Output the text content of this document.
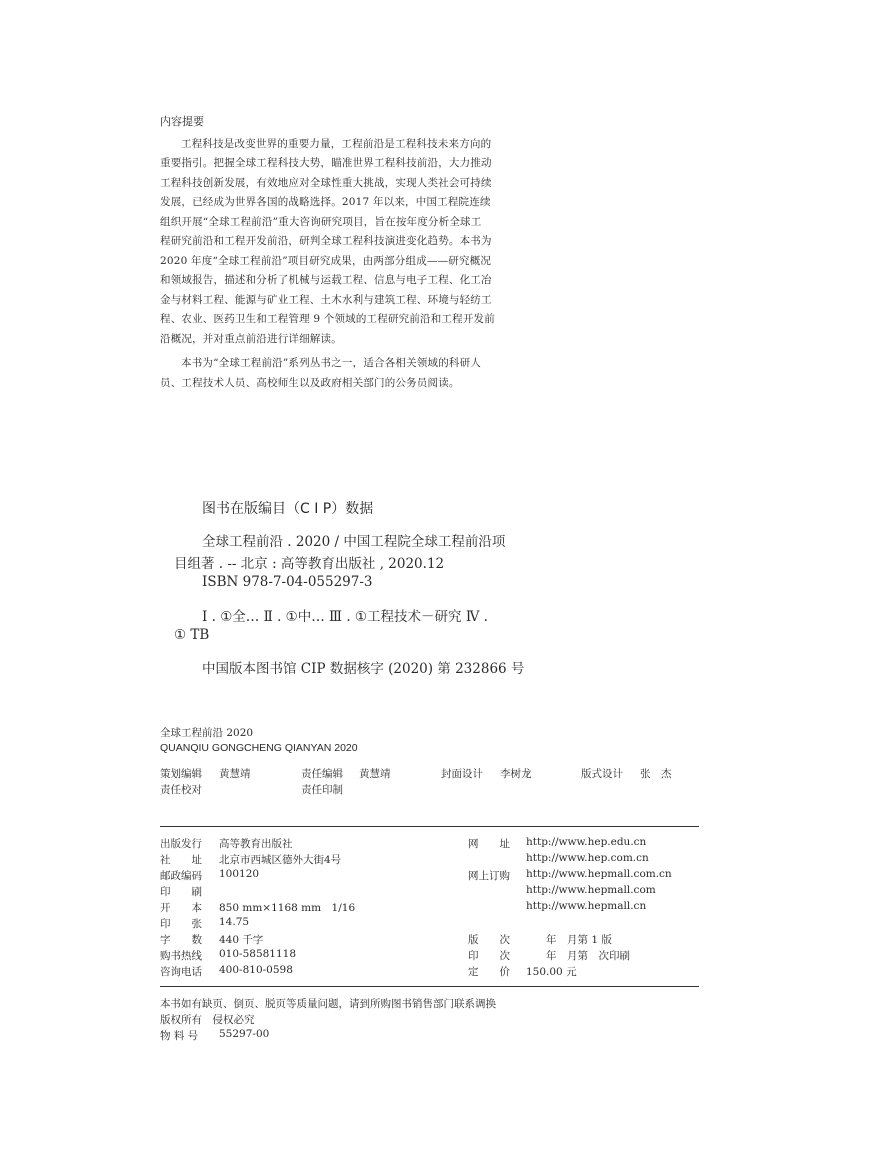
内容提要
工程科技是改变世界的重要力量，工程前沿是工程科技未来方向的
重要指引。把握全球工程科技大势，瞄准世界工程科技前沿，大力推动
工程科技创新发展，有效地应对全球性重大挑战，实现人类社会可持续
发展，已经成为世界各国的战略选择。2017 年以来，中国工程院连续
组织开展“全球工程前沿”重大咨询研究项目，旨在按年度分析全球工
程研究前沿和工程开发前沿，研判全球工程科技演进变化趋势。本书为
2020 年度“全球工程前沿”项目研究成果，由两部分组成——研究概况
和领域报告，描述和分析了机械与运载工程、信息与电子工程、化工冶
金与材料工程、能源与矿业工程、土木水利与建筑工程、环境与轻纺工
程、农业、医药卫生和工程管理 9 个领域的工程研究前沿和工程开发前
沿概况，并对重点前沿进行详细解读。
本书为“全球工程前沿”系列丛书之一，适合各相关领域的科研人
员、工程技术人员、高校师生以及政府相关部门的公务员阅读。
图书在版编目（C I P）数据
全球工程前沿 . 2020 / 中国工程院全球工程前沿项
目组著 . -- 北京 : 高等教育出版社 , 2020.12
ISBN 978-7-04-055297-3
Ⅰ . ①全… Ⅱ . ①中… Ⅲ . ①工程技术－研究 Ⅳ .
① TB
中国版本图书馆 CIP 数据核字 (2020) 第 232866 号
全球工程前沿 2020
QUANQIU GONGCHENG QIANYAN 2020
策划编辑 黄慧靖	责任编辑 黄慧靖	封面设计 李树龙	版式设计 张　杰
责任校对	责任印制
出版发行 高等教育出版社
社　　址 北京市西城区德外大街4号
邮政编码 100120
印　　刷
开　　本 850 mm×1168 mm　1/16
印　　张 14.75
字　　数 440 千字
购书热线 010-58581118
咨询电话 400-810-0598
网　　址 http://www.hep.edu.cn
http://www.hep.com.cn
网上订购 http://www.hepmall.com.cn
http://www.hepmall.com
http://www.hepmall.cn
版　　次	年　月第 1 版
印　　次	年　月第　次印刷
定　　价 150.00 元
本书如有缺页、倒页、脱页等质量问题，请到所购图书销售部门联系调换
版权所有　侵权必究
物 料 号 55297-00
